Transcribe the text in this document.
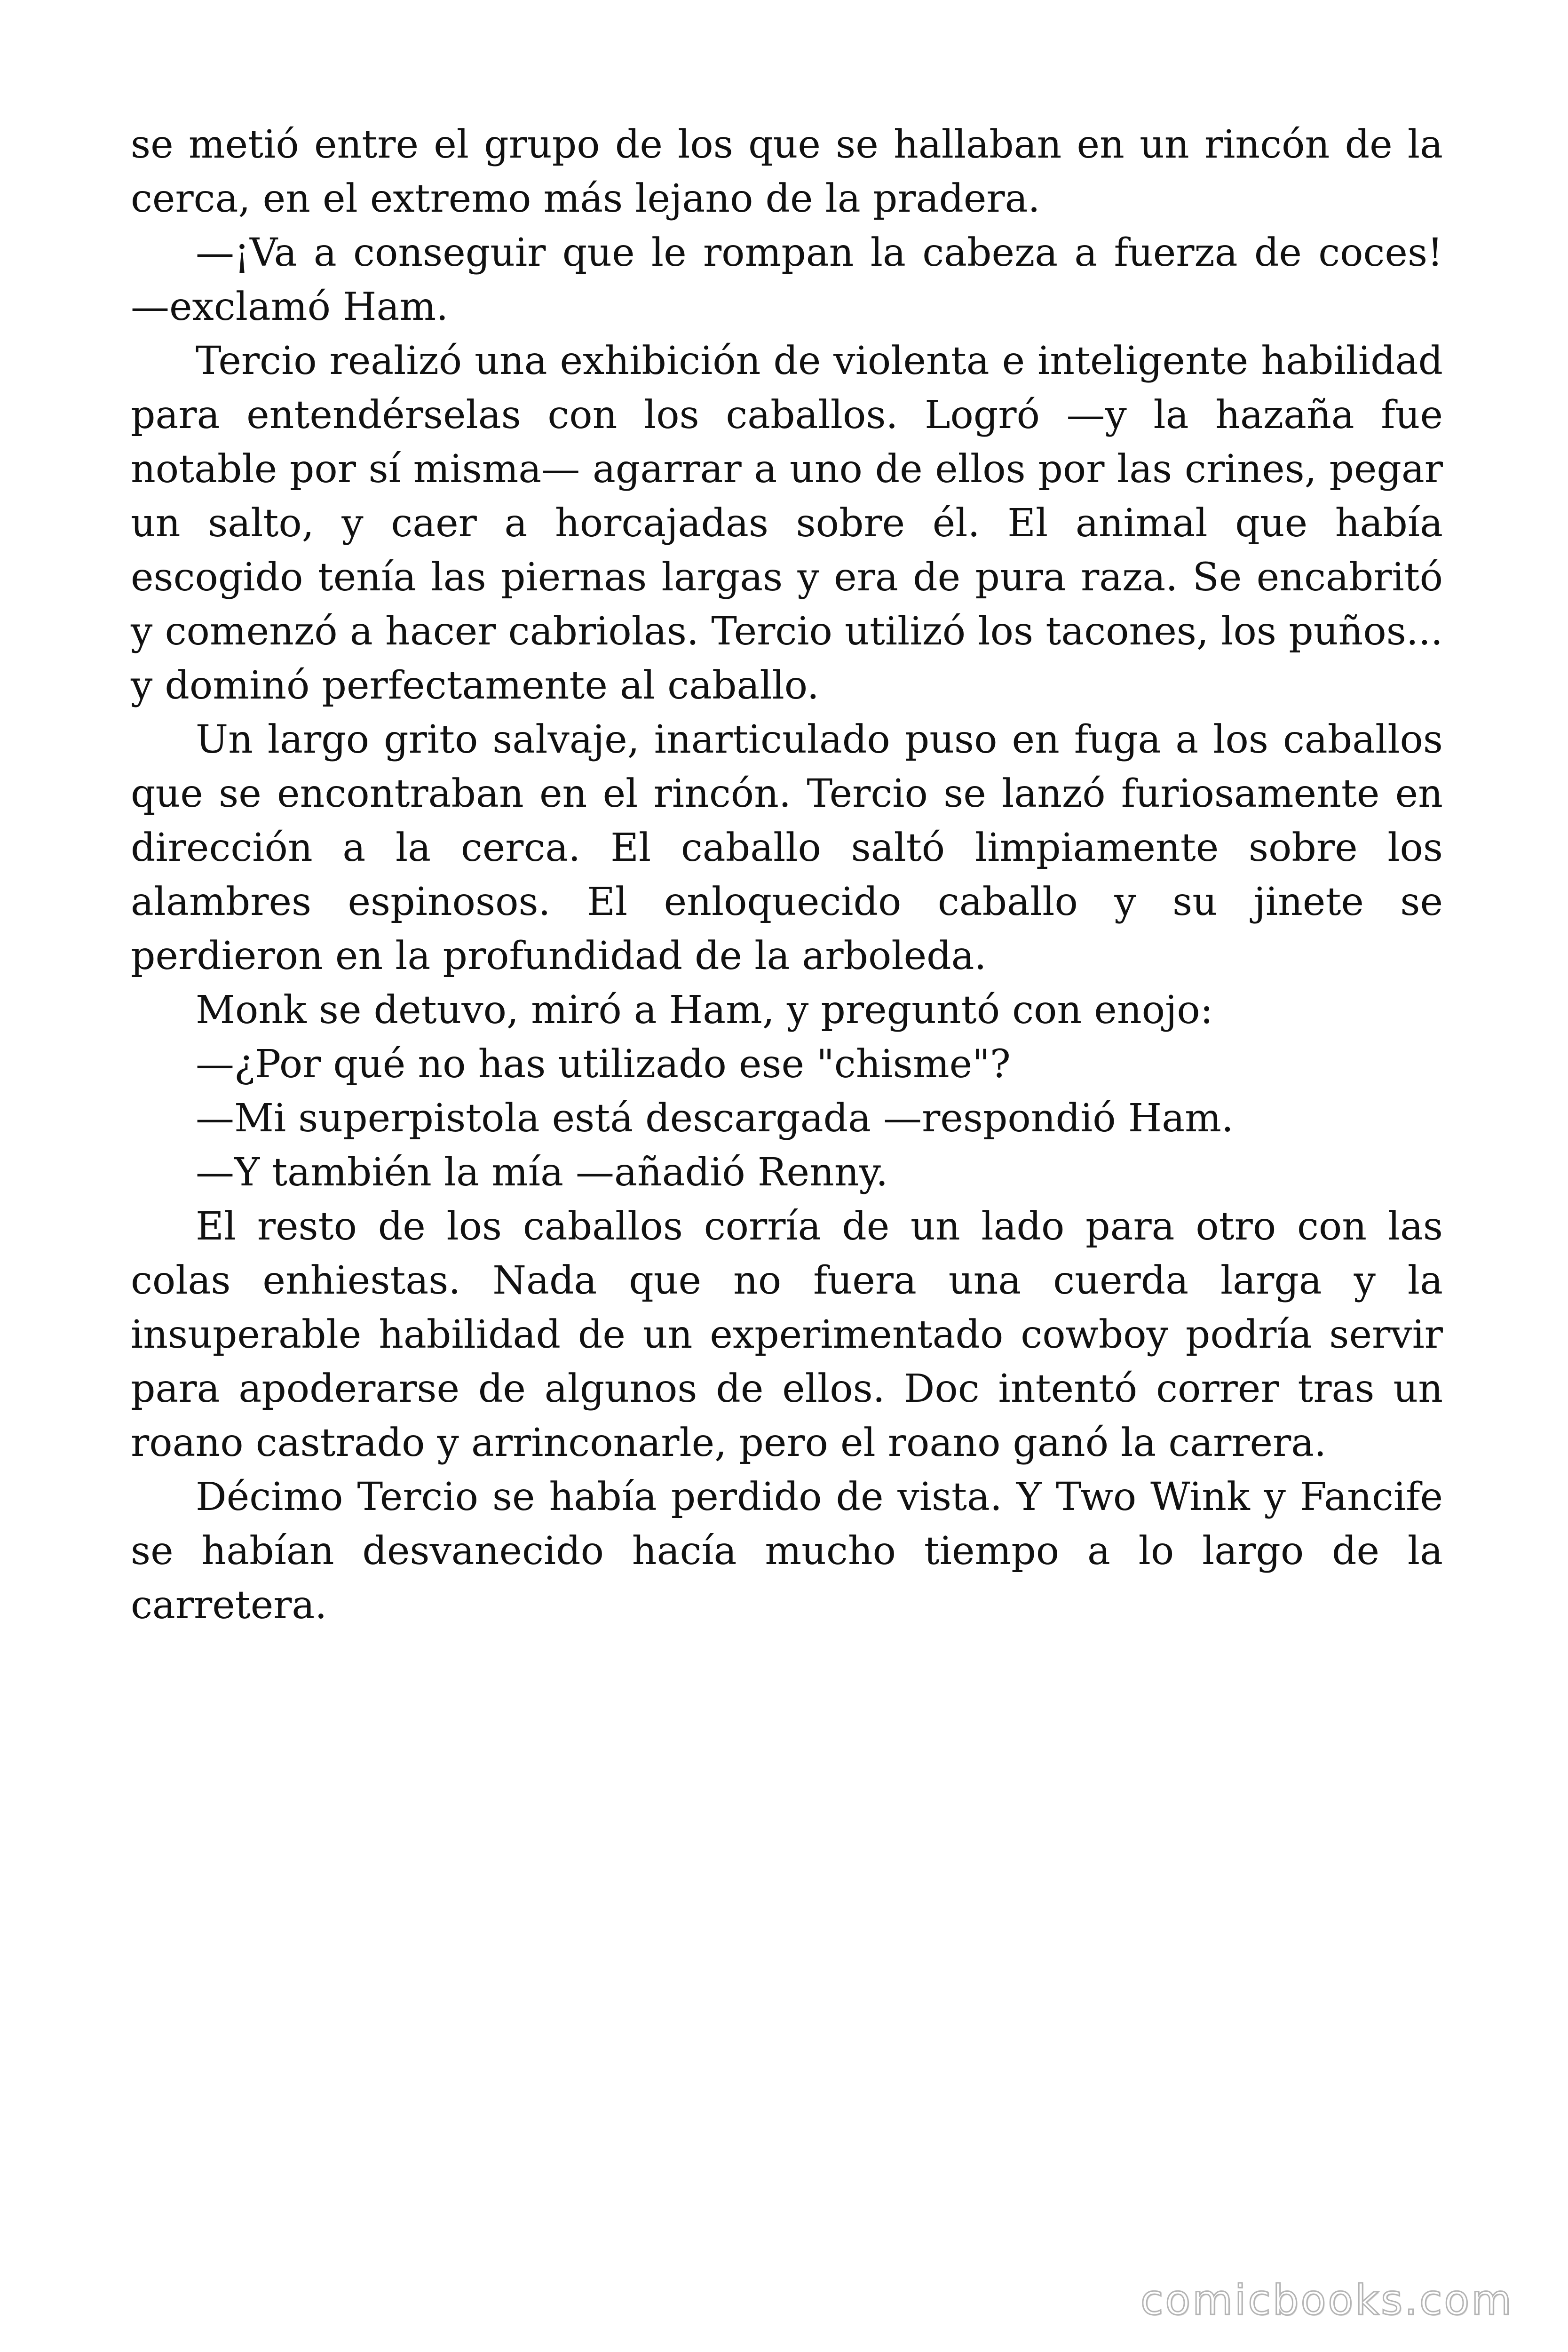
se metió entre el grupo de los que se hallaban en un rincón de la cerca, en el extremo más lejano de la pradera.

—¡Va a conseguir que le rompan la cabeza a fuerza de coces! —exclamó Ham.

Tercio realizó una exhibición de violenta e inteligente habilidad para entendérselas con los caballos. Logró —y la hazaña fue notable por sí misma— agarrar a uno de ellos por las crines, pegar un salto, y caer a horcajadas sobre él. El animal que había escogido tenía las piernas largas y era de pura raza. Se encabritó y comenzó a hacer cabriolas. Tercio utilizó los tacones, los puños... y dominó perfectamente al caballo.

Un largo grito salvaje, inarticulado puso en fuga a los caballos que se encontraban en el rincón. Tercio se lanzó furiosamente en dirección a la cerca. El caballo saltó limpiamente sobre los alambres espinosos. El enloquecido caballo y su jinete se perdieron en la profundidad de la arboleda.

Monk se detuvo, miró a Ham, y preguntó con enojo:

—¿Por qué no has utilizado ese "chisme"?

—Mi superpistola está descargada —respondió Ham.

—Y también la mía —añadió Renny.

El resto de los caballos corría de un lado para otro con las colas enhiestas. Nada que no fuera una cuerda larga y la insuperable habilidad de un experimentado cowboy podría servir para apoderarse de algunos de ellos. Doc intentó correr tras un roano castrado y arrinconarle, pero el roano ganó la carrera.

Décimo Tercio se había perdido de vista. Y Two Wink y Fancife se habían desvanecido hacía mucho tiempo a lo largo de la carretera.

comicbooks.com
